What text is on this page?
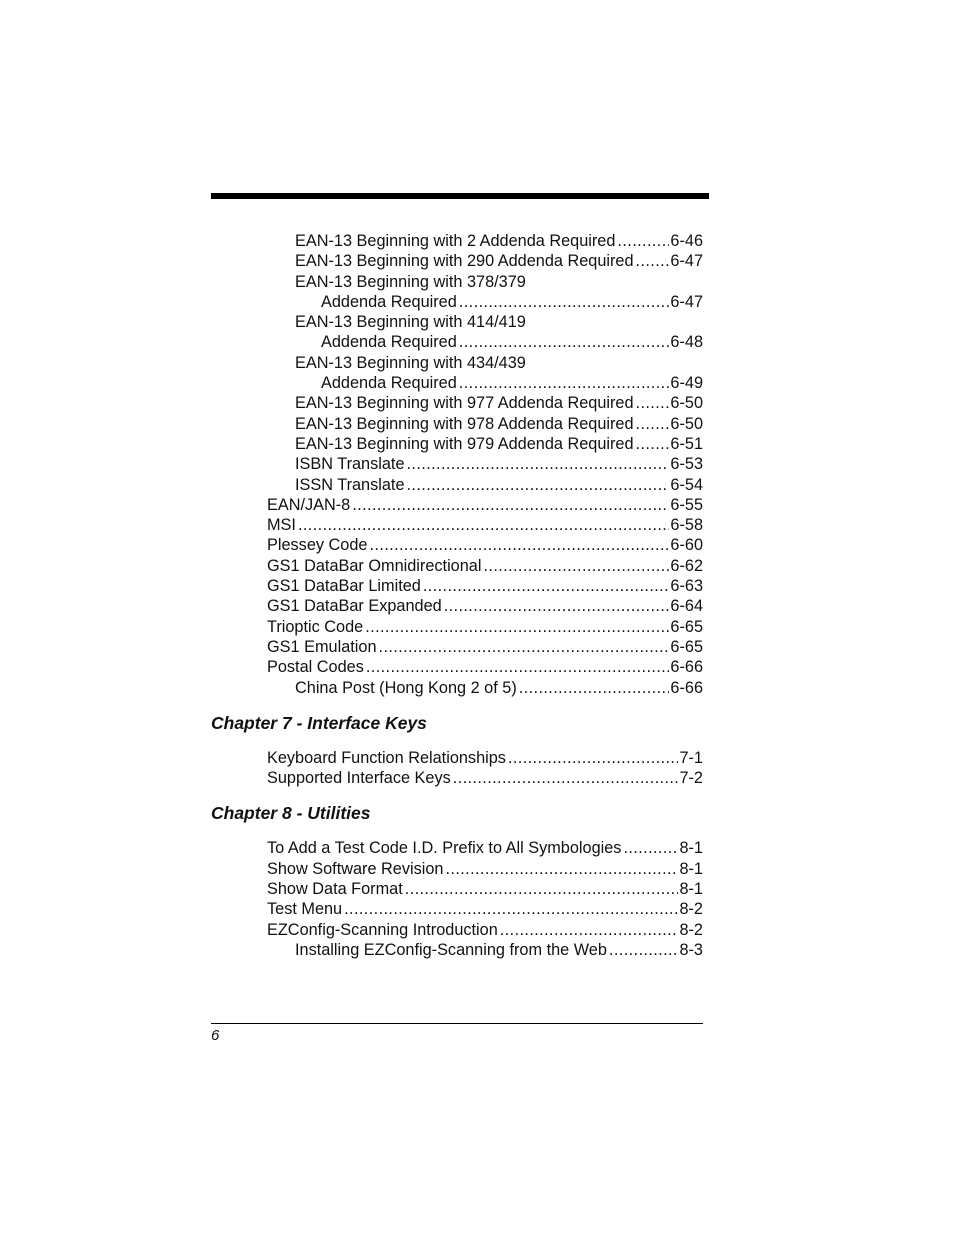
EAN-13 Beginning with 2 Addenda Required .....	6-46
EAN-13 Beginning with 290 Addenda Required ..... 6-47
EAN-13 Beginning with 378/379
Addenda Required .....	6-47
EAN-13 Beginning with 414/419
Addenda Required .....	6-48
EAN-13 Beginning with 434/439
Addenda Required .....	6-49
EAN-13 Beginning with 977 Addenda Required ..... 6-50
EAN-13 Beginning with 978 Addenda Required ..... 6-50
EAN-13 Beginning with 979 Addenda Required ..... 6-51
ISBN Translate .....	6-53
ISSN Translate .....	6-54
EAN/JAN-8 .....	6-55
MSI .....	6-58
Plessey Code .....	6-60
GS1 DataBar Omnidirectional .....	6-62
GS1 DataBar Limited .....	6-63
GS1 DataBar Expanded .....	6-64
Trioptic Code .....	6-65
GS1 Emulation .....	6-65
Postal Codes .....	6-66
China Post (Hong Kong 2 of 5) .....	6-66
Chapter 7 - Interface Keys
Keyboard Function Relationships .....	7-1
Supported Interface Keys .....	7-2
Chapter 8 - Utilities
To Add a Test Code I.D. Prefix to All Symbologies .....	8-1
Show Software Revision .....	8-1
Show Data Format .....	8-1
Test Menu .....	8-2
EZConfig-Scanning Introduction .....	8-2
Installing EZConfig-Scanning from the Web .....	8-3
6
